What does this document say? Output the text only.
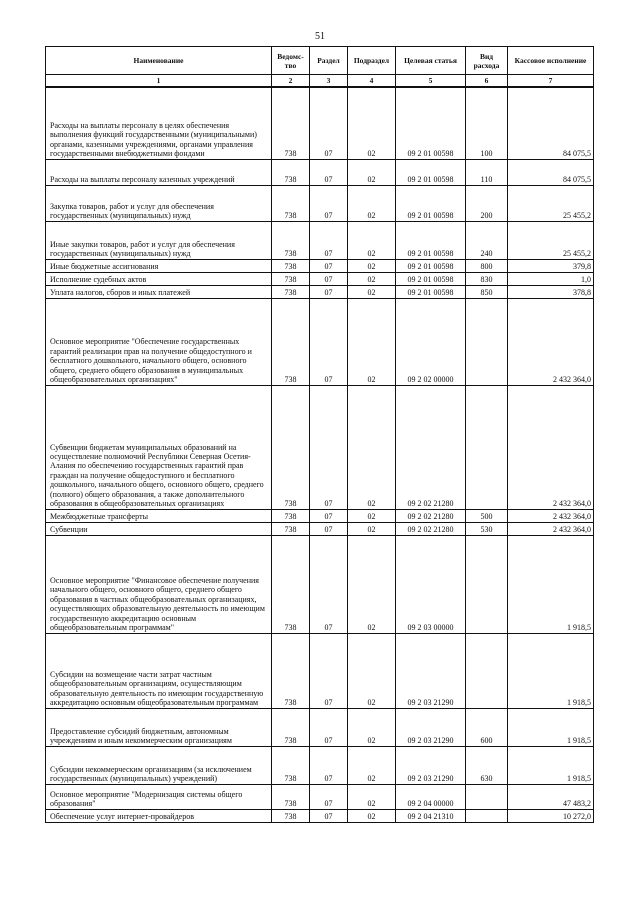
51
Наименование	Ведомс-тво	Раздел	Подраздел	Целевая статья	Вид расхода	Кассовое исполнение
1	2	3	4	5	6	7
Расходы на выплаты персоналу в целях обеспечения выполнения функций государственными (муниципальными) органами, казенными учреждениями, органами управления государственными внебюджетными фондами	738	07	02	09 2 01 00598	100	84 075,5
Расходы на выплаты персоналу казенных учреждений	738	07	02	09 2 01 00598	110	84 075,5
Закупка товаров, работ и услуг для обеспечения государственных (муниципальных) нужд	738	07	02	09 2 01 00598	200	25 455,2
Иные закупки товаров, работ и услуг для обеспечения государственных (муниципальных) нужд	738	07	02	09 2 01 00598	240	25 455,2
Иные бюджетные ассигнования	738	07	02	09 2 01 00598	800	379,8
Исполнение судебных актов	738	07	02	09 2 01 00598	830	1,0
Уплата налогов, сборов и иных платежей	738	07	02	09 2 01 00598	850	378,8
Основное мероприятие "Обеспечение государственных гарантий реализации прав на получение общедоступного и бесплатного дошкольного, начального общего, основного общего, среднего общего образования в муниципальных общеобразовательных организациях"	738	07	02	09 2 02 00000		2 432 364,0
Субвенции бюджетам муниципальных образований на осуществление полномочий Республики Северная Осетия-Алания по обеспечению государственных гарантий прав граждан на получение общедоступного и бесплатного дошкольного, начального общего, основного общего, среднего (полного) общего образования, а также дополнительного образования в общеобразовательных организациях	738	07	02	09 2 02 21280		2 432 364,0
Межбюджетные трансферты	738	07	02	09 2 02 21280	500	2 432 364,0
Субвенции	738	07	02	09 2 02 21280	530	2 432 364,0
Основное мероприятие "Финансовое обеспечение получения начального общего, основного общего, среднего общего образования в частных общеобразовательных организациях, осуществляющих образовательную деятельность по имеющим государственную аккредитацию основным общеобразовательным программам"	738	07	02	09 2 03 00000		1 918,5
Субсидии на возмещение части затрат частным общеобразовательным организациям, осуществляющим образовательную деятельность по имеющим государственную аккредитацию основным общеобразовательным программам	738	07	02	09 2 03 21290		1 918,5
Предоставление субсидий бюджетным, автономным учреждениям и иным некоммерческим организациям	738	07	02	09 2 03 21290	600	1 918,5
Субсидии некоммерческим организациям (за исключением государственных (муниципальных) учреждений)	738	07	02	09 2 03 21290	630	1 918,5
Основное мероприятие "Модернизация системы общего образования"	738	07	02	09 2 04 00000		47 483,2
Обеспечение услуг интернет-провайдеров	738	07	02	09 2 04 21310		10 272,0
